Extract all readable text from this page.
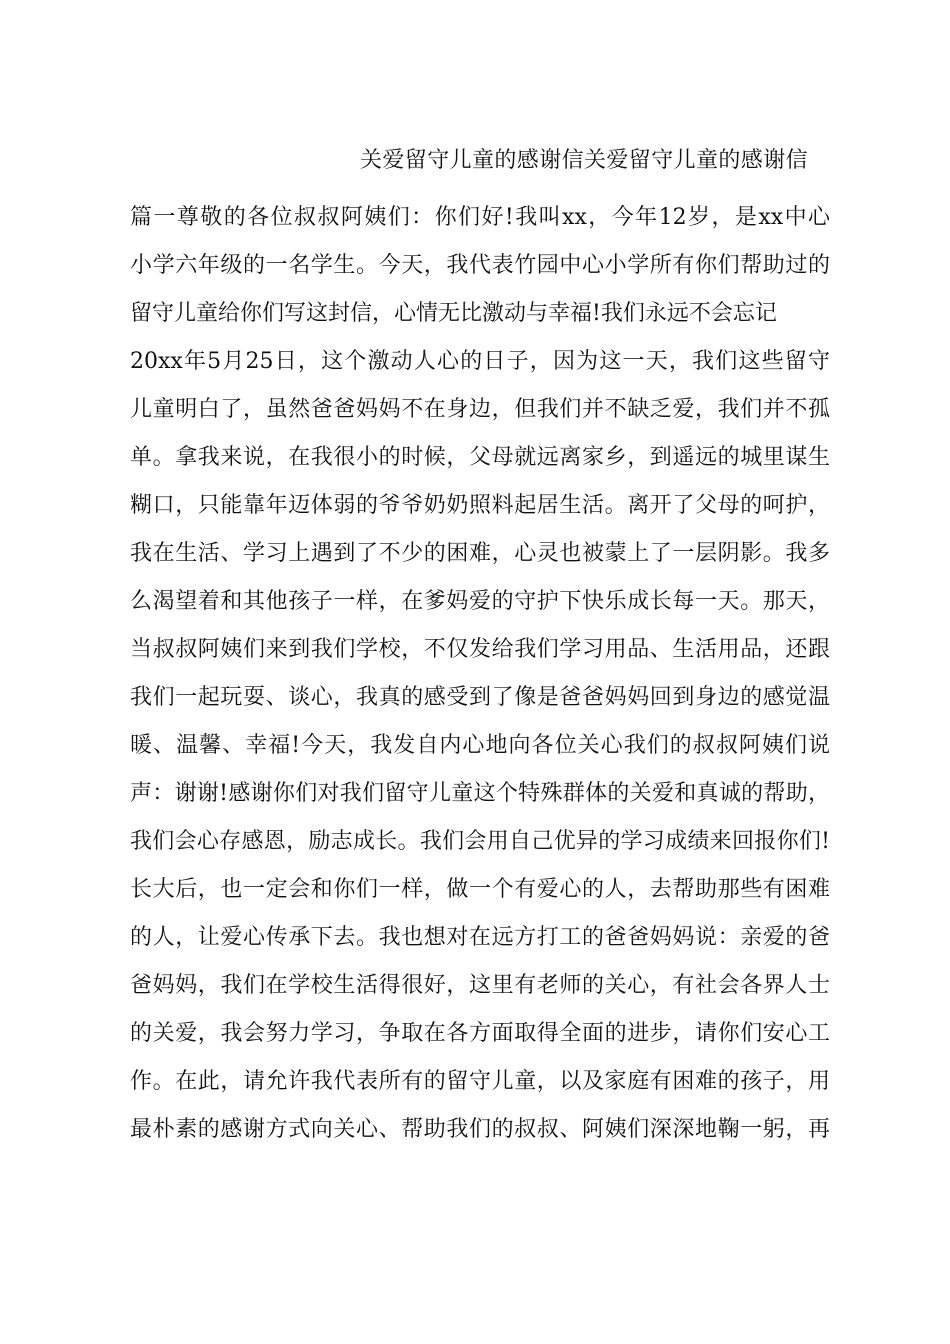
关爱留守儿童的感谢信关爱留守儿童的感谢信
篇一尊敬的各位叔叔阿姨们：你们好!我叫xx，今年12岁，是xx中心
小学六年级的一名学生。今天，我代表竹园中心小学所有你们帮助过的
留守儿童给你们写这封信，心情无比激动与幸福!我们永远不会忘记
20xx年5月25日，这个激动人心的日子，因为这一天，我们这些留守
儿童明白了，虽然爸爸妈妈不在身边，但我们并不缺乏爱，我们并不孤
单。拿我来说，在我很小的时候，父母就远离家乡，到遥远的城里谋生
糊口，只能靠年迈体弱的爷爷奶奶照料起居生活。离开了父母的呵护，
我在生活、学习上遇到了不少的困难，心灵也被蒙上了一层阴影。我多
么渴望着和其他孩子一样，在爹妈爱的守护下快乐成长每一天。那天，
当叔叔阿姨们来到我们学校，不仅发给我们学习用品、生活用品，还跟
我们一起玩耍、谈心，我真的感受到了像是爸爸妈妈回到身边的感觉温
暖、温馨、幸福!今天，我发自内心地向各位关心我们的叔叔阿姨们说
声：谢谢!感谢你们对我们留守儿童这个特殊群体的关爱和真诚的帮助，
我们会心存感恩，励志成长。我们会用自己优异的学习成绩来回报你们!
长大后，也一定会和你们一样，做一个有爱心的人，去帮助那些有困难
的人，让爱心传承下去。我也想对在远方打工的爸爸妈妈说：亲爱的爸
爸妈妈，我们在学校生活得很好，这里有老师的关心，有社会各界人士
的关爱，我会努力学习，争取在各方面取得全面的进步，请你们安心工
作。在此，请允许我代表所有的留守儿童，以及家庭有困难的孩子，用
最朴素的感谢方式向关心、帮助我们的叔叔、阿姨们深深地鞠一躬，再
